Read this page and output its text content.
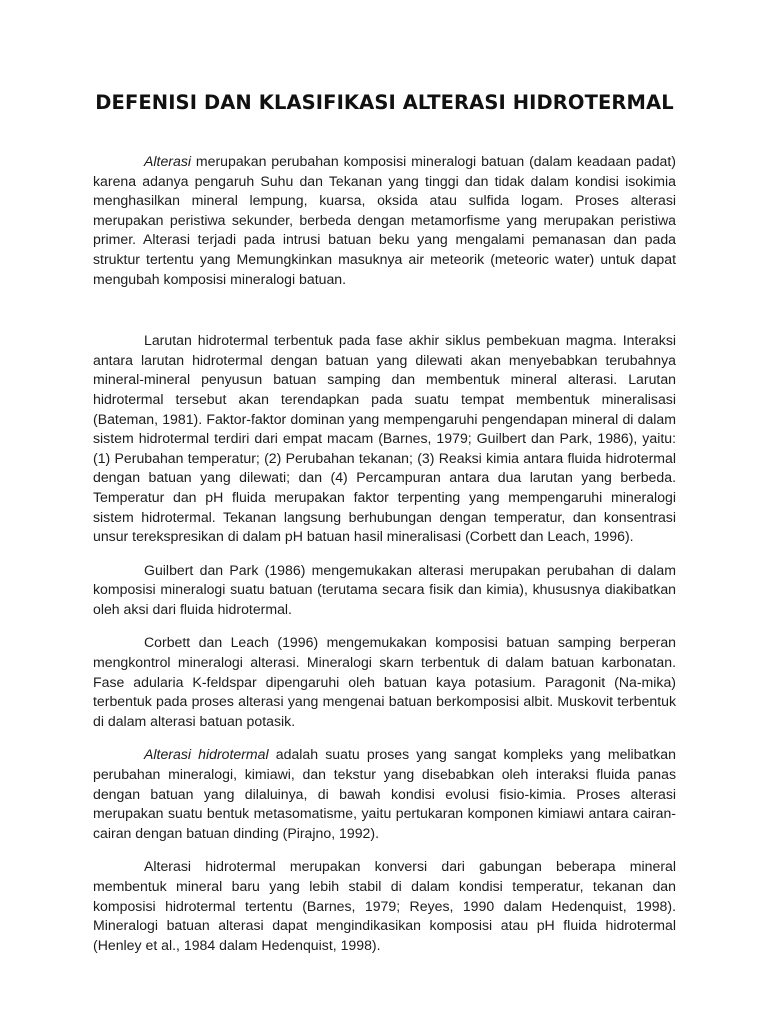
DEFENISI DAN KLASIFIKASI ALTERASI HIDROTERMAL

Alterasi merupakan perubahan komposisi mineralogi batuan (dalam keadaan padat) karena adanya pengaruh Suhu dan Tekanan yang tinggi dan tidak dalam kondisi isokimia menghasilkan mineral lempung, kuarsa, oksida atau sulfida logam. Proses alterasi merupakan peristiwa sekunder, berbeda dengan metamorfisme yang merupakan peristiwa primer. Alterasi terjadi pada intrusi batuan beku yang mengalami pemanasan dan pada struktur tertentu yang Memungkinkan masuknya air meteorik (meteoric water) untuk dapat mengubah komposisi mineralogi batuan.

Larutan hidrotermal terbentuk pada fase akhir siklus pembekuan magma. Interaksi antara larutan hidrotermal dengan batuan yang dilewati akan menyebabkan terubahnya mineral-mineral penyusun batuan samping dan membentuk mineral alterasi. Larutan hidrotermal tersebut akan terendapkan pada suatu tempat membentuk mineralisasi (Bateman, 1981). Faktor-faktor dominan yang mempengaruhi pengendapan mineral di dalam sistem hidrotermal terdiri dari empat macam (Barnes, 1979; Guilbert dan Park, 1986), yaitu: (1) Perubahan temperatur; (2) Perubahan tekanan; (3) Reaksi kimia antara fluida hidrotermal dengan batuan yang dilewati; dan (4) Percampuran antara dua larutan yang berbeda. Temperatur dan pH fluida merupakan faktor terpenting yang mempengaruhi mineralogi sistem hidrotermal. Tekanan langsung berhubungan dengan temperatur, dan konsentrasi unsur terekspresikan di dalam pH batuan hasil mineralisasi (Corbett dan Leach, 1996).

Guilbert dan Park (1986) mengemukakan alterasi merupakan perubahan di dalam komposisi mineralogi suatu batuan (terutama secara fisik dan kimia), khususnya diakibatkan oleh aksi dari fluida hidrotermal.

Corbett dan Leach (1996) mengemukakan komposisi batuan samping berperan mengkontrol mineralogi alterasi. Mineralogi skarn terbentuk di dalam batuan karbonatan. Fase adularia K-feldspar dipengaruhi oleh batuan kaya potasium. Paragonit (Na-mika) terbentuk pada proses alterasi yang mengenai batuan berkomposisi albit. Muskovit terbentuk di dalam alterasi batuan potasik.

Alterasi hidrotermal adalah suatu proses yang sangat kompleks yang melibatkan perubahan mineralogi, kimiawi, dan tekstur yang disebabkan oleh interaksi fluida panas dengan batuan yang dilaluinya, di bawah kondisi evolusi fisio-kimia. Proses alterasi merupakan suatu bentuk metasomatisme, yaitu pertukaran komponen kimiawi antara cairan-cairan dengan batuan dinding (Pirajno, 1992).

Alterasi hidrotermal merupakan konversi dari gabungan beberapa mineral membentuk mineral baru yang lebih stabil di dalam kondisi temperatur, tekanan dan komposisi hidrotermal tertentu (Barnes, 1979; Reyes, 1990 dalam Hedenquist, 1998). Mineralogi batuan alterasi dapat mengindikasikan komposisi atau pH fluida hidrotermal (Henley et al., 1984 dalam Hedenquist, 1998).
